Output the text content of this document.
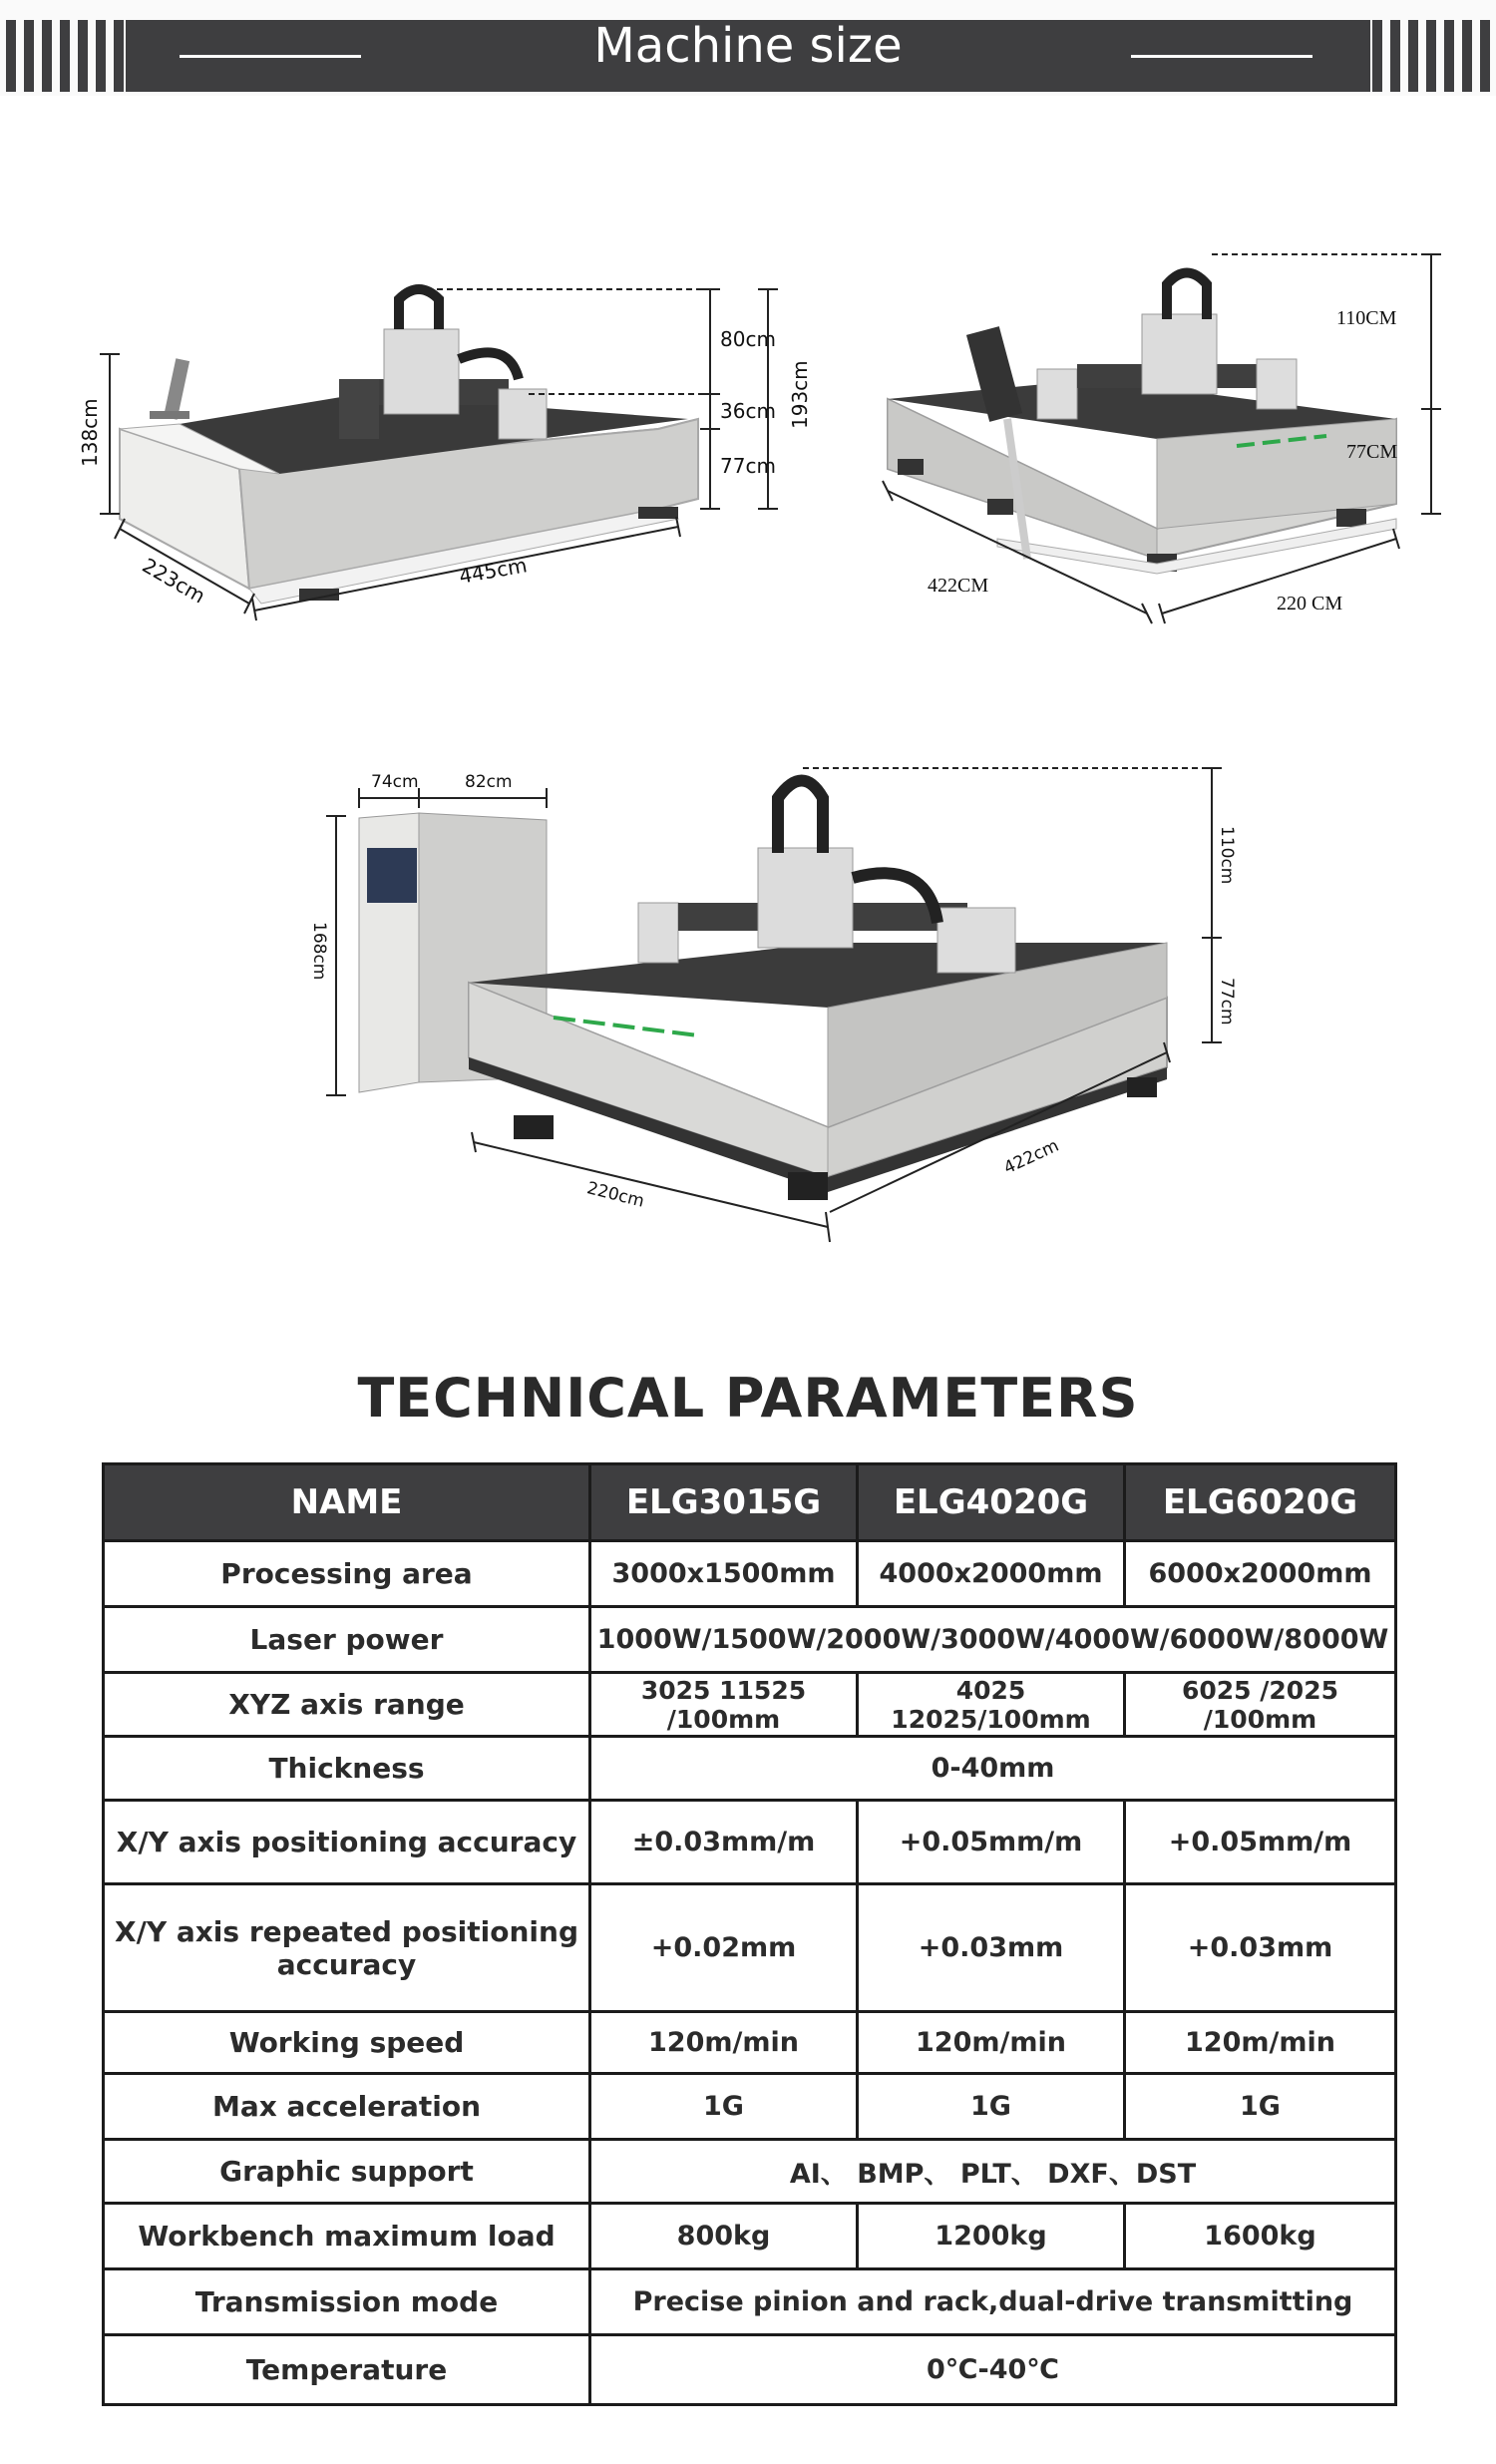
Machine size
80cm
36cm
77cm
193cm
138cm
223cm	445cm
110CM
77CM
422CM
220 CM
74cm	82cm
168cm
110cm
77cm
220cm
422cm
TECHNICAL PARAMETERS
NAME	ELG3015G	ELG4020G	ELG6020G
Processing area	3000x1500mm	4000x2000mm	6000x2000mm
Laser power	1000W/1500W/2000W/3000W/4000W/6000W/8000W		
XYZ axis range	3025 11525 /100mm	4025 12025/100mm	6025 /2025 /100mm
Thickness	0-40mm		
X/Y axis positioning accuracy	±0.03mm/m	+0.05mm/m	+0.05mm/m
X/Y axis repeated positioning accuracy	+0.02mm	+0.03mm	+0.03mm
Working speed	120m/min	120m/min	120m/min
Max acceleration	1G	1G	1G
Graphic support	AI、 BMP、 PLT、 DXF、DST		
Workbench maximum load	800kg	1200kg	1600kg
Transmission mode	Precise pinion and rack,dual-drive transmitting		
Temperature	0℃-40℃		
